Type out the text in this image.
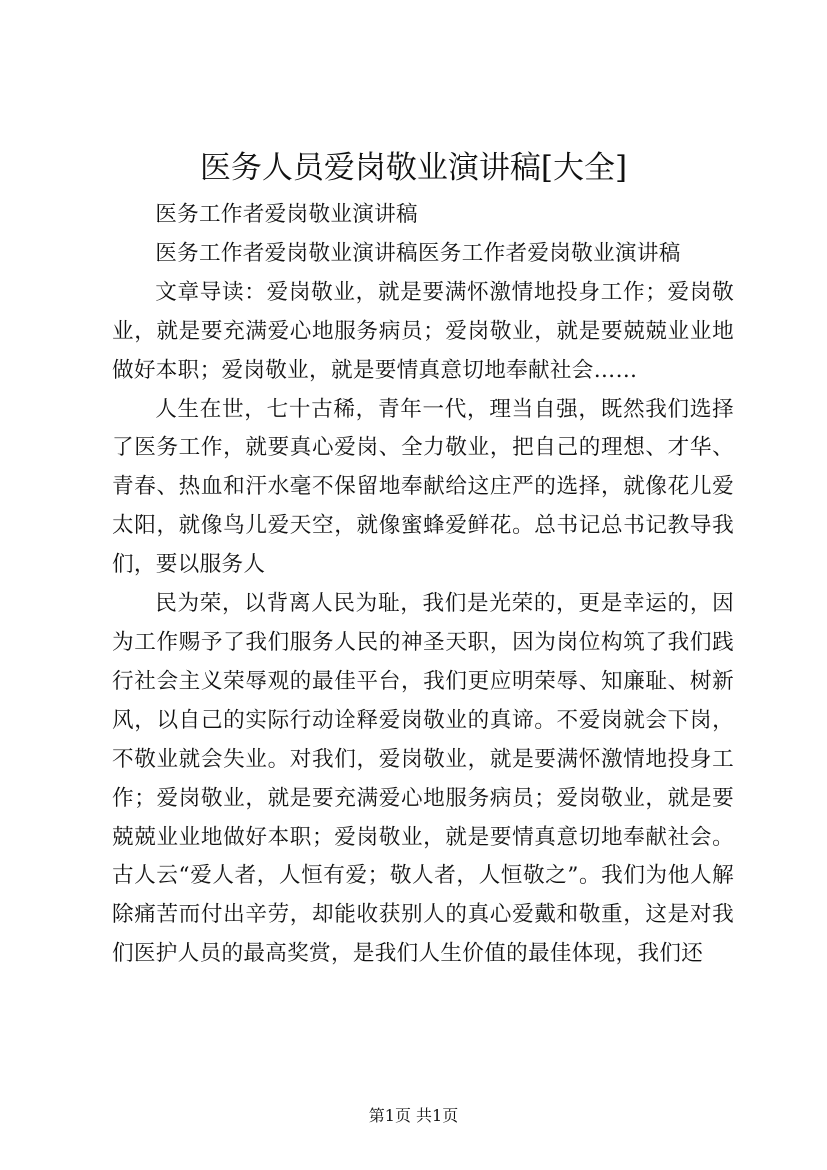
医务人员爱岗敬业演讲稿[大全]

医务工作者爱岗敬业演讲稿

医务工作者爱岗敬业演讲稿医务工作者爱岗敬业演讲稿

文章导读：爱岗敬业，就是要满怀激情地投身工作；爱岗敬业，就是要充满爱心地服务病员；爱岗敬业，就是要兢兢业业地做好本职；爱岗敬业，就是要情真意切地奉献社会……

人生在世，七十古稀，青年一代，理当自强，既然我们选择了医务工作，就要真心爱岗、全力敬业，把自己的理想、才华、青春、热血和汗水毫不保留地奉献给这庄严的选择，就像花儿爱太阳，就像鸟儿爱天空，就像蜜蜂爱鲜花。总书记总书记教导我们，要以服务人

民为荣，以背离人民为耻，我们是光荣的，更是幸运的，因为工作赐予了我们服务人民的神圣天职，因为岗位构筑了我们践行社会主义荣辱观的最佳平台，我们更应明荣辱、知廉耻、树新风，以自己的实际行动诠释爱岗敬业的真谛。不爱岗就会下岗，不敬业就会失业。对我们，爱岗敬业，就是要满怀激情地投身工作；爱岗敬业，就是要充满爱心地服务病员；爱岗敬业，就是要兢兢业业地做好本职；爱岗敬业，就是要情真意切地奉献社会。古人云“爱人者，人恒有爱；敬人者，人恒敬之”。我们为他人解除痛苦而付出辛劳，却能收获别人的真心爱戴和敬重，这是对我们医护人员的最高奖赏，是我们人生价值的最佳体现，我们还

第1页 共1页
